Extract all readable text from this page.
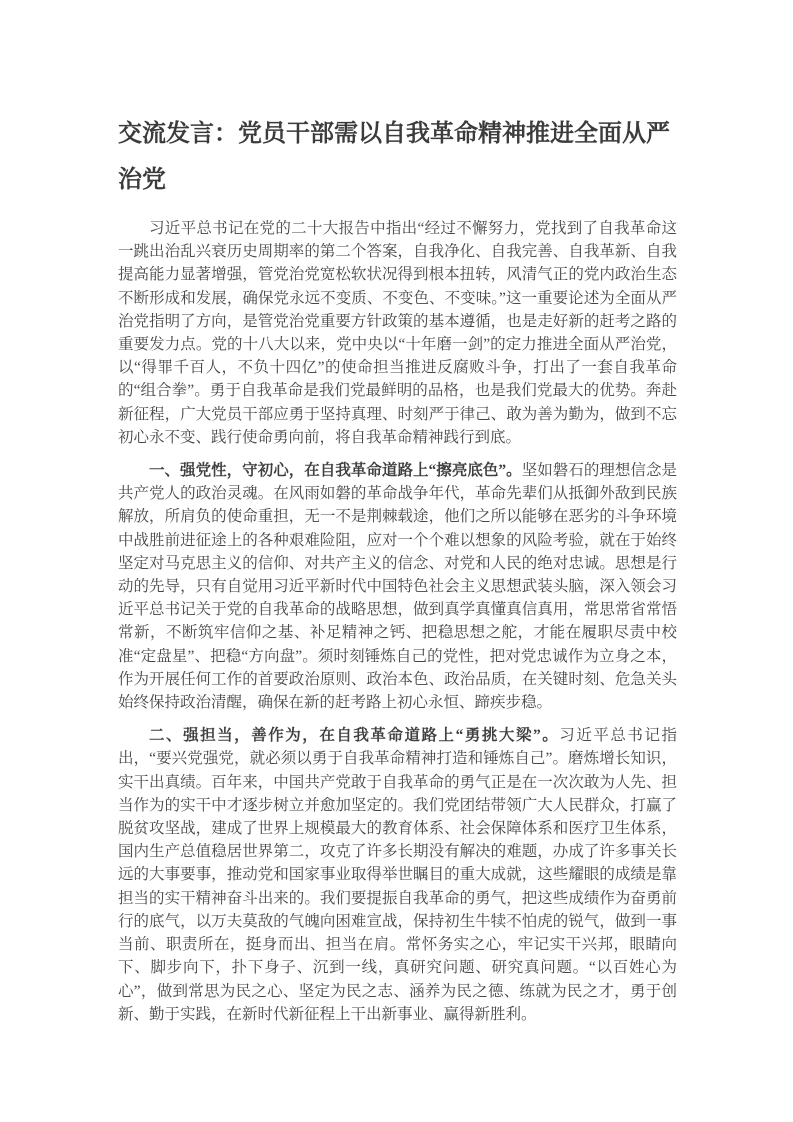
交流发言：党员干部需以自我革命精神推进全面从严治党

习近平总书记在党的二十大报告中指出“经过不懈努力，党找到了自我革命这一跳出治乱兴衰历史周期率的第二个答案，自我净化、自我完善、自我革新、自我提高能力显著增强，管党治党宽松软状况得到根本扭转，风清气正的党内政治生态不断形成和发展，确保党永远不变质、不变色、不变味。”这一重要论述为全面从严治党指明了方向，是管党治党重要方针政策的基本遵循，也是走好新的赶考之路的重要发力点。党的十八大以来，党中央以“十年磨一剑”的定力推进全面从严治党，以“得罪千百人，不负十四亿”的使命担当推进反腐败斗争，打出了一套自我革命的“组合拳”。勇于自我革命是我们党最鲜明的品格，也是我们党最大的优势。奔赴新征程，广大党员干部应勇于坚持真理、时刻严于律己、敢为善为勤为，做到不忘初心永不变、践行使命勇向前，将自我革命精神践行到底。

一、强党性，守初心，在自我革命道路上“擦亮底色”。坚如磐石的理想信念是共产党人的政治灵魂。在风雨如磐的革命战争年代，革命先辈们从抵御外敌到民族解放，所肩负的使命重担，无一不是荆棘载途，他们之所以能够在恶劣的斗争环境中战胜前进征途上的各种艰难险阻，应对一个个难以想象的风险考验，就在于始终坚定对马克思主义的信仰、对共产主义的信念、对党和人民的绝对忠诚。思想是行动的先导，只有自觉用习近平新时代中国特色社会主义思想武装头脑，深入领会习近平总书记关于党的自我革命的战略思想，做到真学真懂真信真用，常思常省常悟常新，不断筑牢信仰之基、补足精神之钙、把稳思想之舵，才能在履职尽责中校准“定盘星”、把稳“方向盘”。须时刻锤炼自己的党性，把对党忠诚作为立身之本，作为开展任何工作的首要政治原则、政治本色、政治品质，在关键时刻、危急关头始终保持政治清醒，确保在新的赶考路上初心永恒、蹄疾步稳。

二、强担当，善作为，在自我革命道路上“勇挑大梁”。习近平总书记指出，“要兴党强党，就必须以勇于自我革命精神打造和锤炼自己”。磨炼增长知识，实干出真绩。百年来，中国共产党敢于自我革命的勇气正是在一次次敢为人先、担当作为的实干中才逐步树立并愈加坚定的。我们党团结带领广大人民群众，打赢了脱贫攻坚战，建成了世界上规模最大的教育体系、社会保障体系和医疗卫生体系，国内生产总值稳居世界第二，攻克了许多长期没有解决的难题，办成了许多事关长远的大事要事，推动党和国家事业取得举世瞩目的重大成就，这些耀眼的成绩是靠担当的实干精神奋斗出来的。我们要提振自我革命的勇气，把这些成绩作为奋勇前行的底气，以万夫莫敌的气魄向困难宣战，保持初生牛犊不怕虎的锐气，做到一事当前、职责所在，挺身而出、担当在肩。常怀务实之心，牢记实干兴邦，眼睛向下、脚步向下，扑下身子、沉到一线，真研究问题、研究真问题。“以百姓心为心”，做到常思为民之心、坚定为民之志、涵养为民之德、练就为民之才，勇于创新、勤于实践，在新时代新征程上干出新事业、赢得新胜利。
